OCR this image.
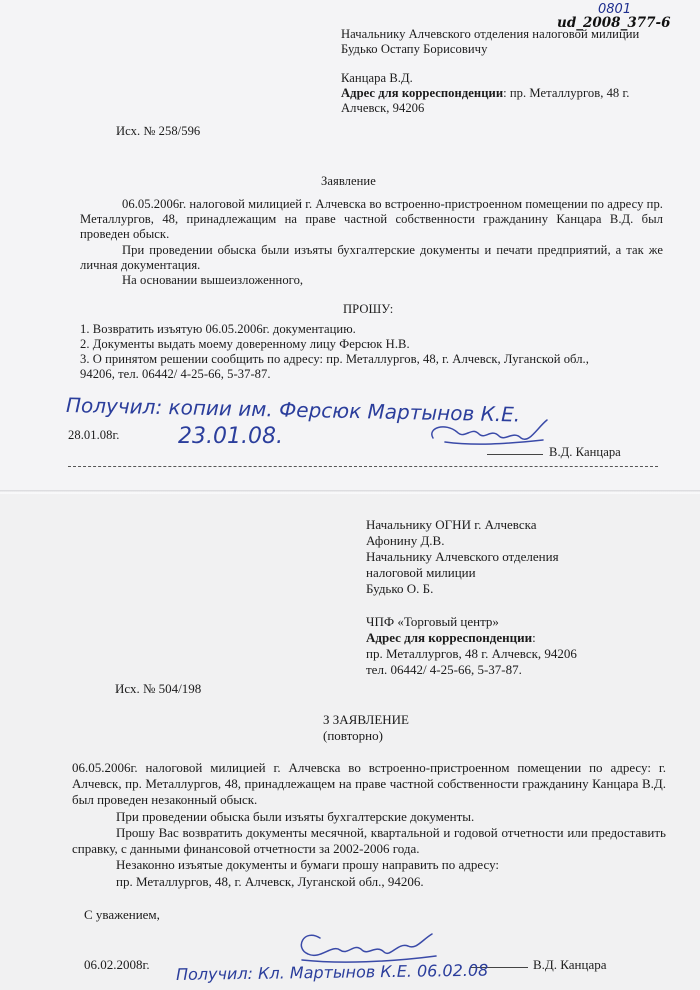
0801
ud_2008_377-6
Начальнику Алчевского отделения налоговой милиции
Будько Остапу Борисовичу
Канцара В.Д.
Адрес для корреспонденции: пр. Металлургов, 48 г.
Алчевск, 94206
Исх. № 258/596
Заявление
06.05.2006г. налоговой милицией г. Алчевска во встроенно-пристроенном помещении по адресу пр. Металлургов, 48, принадлежащим на праве частной собственности гражданину Канцара В.Д. был проведен обыск.
При проведении обыска были изъяты бухгалтерские документы и печати предприятий, а так же личная документация.
На основании вышеизложенного,
ПРОШУ:
1. Возвратить изъятую 06.05.2006г. документацию.
2. Документы выдать моему доверенному лицу Ферсюк Н.В.
3. О принятом решении сообщить по адресу: пр. Металлургов, 48, г. Алчевск, Луганской обл.,
94206, тел. 06442/ 4-25-66, 5-37-87.
Получил: копии им. Ферсюк Мартынов К.Е.
23.01.08.
28.01.08г.
В.Д. Канцара
Начальнику ОГНИ г. Алчевска
Афонину Д.В.
Начальнику Алчевского отделения
налоговой милиции
Будько О. Б.
ЧПФ «Торговый центр»
Адрес для корреспонденции:
пр. Металлургов, 48 г. Алчевск, 94206
тел. 06442/ 4-25-66, 5-37-87.
Исх. № 504/198
З ЗАЯВЛЕНИЕ
(повторно)
06.05.2006г. налоговой милицией г. Алчевска во встроенно-пристроенном помещении по адресу: г. Алчевск, пр. Металлургов, 48, принадлежащем на праве частной собственности гражданину Канцара В.Д. был проведен незаконный обыск.
При проведении обыска были изъяты бухгалтерские документы.
Прошу Вас возвратить документы месячной, квартальной и годовой отчетности или предоставить справку, с данными финансовой отчетности за 2002-2006 года.
Незаконно изъятые документы и бумаги прошу направить по адресу:
пр. Металлургов, 48, г. Алчевск, Луганской обл., 94206.
С уважением,
06.02.2008г.	В.Д. Канцара
Получил: Кл. Мартынов К.Е. 06.02.08
